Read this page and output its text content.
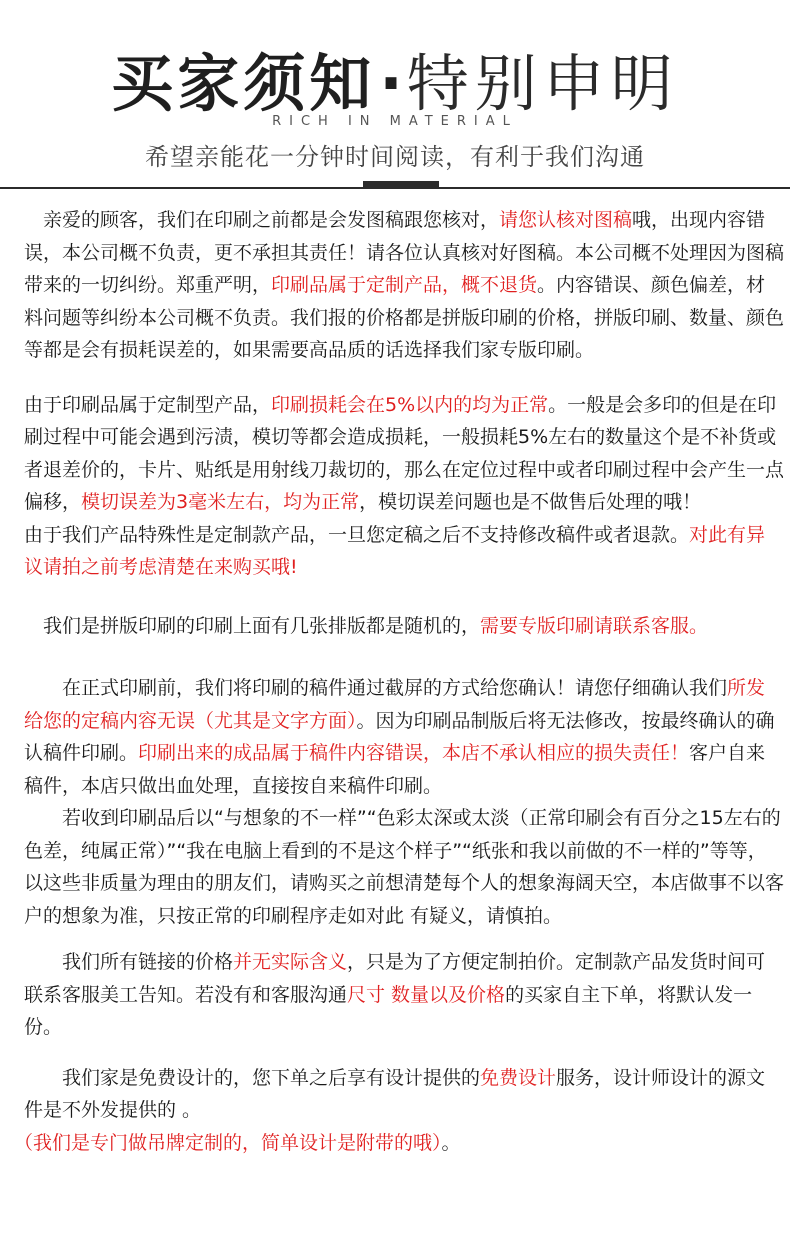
买家须知·特别申明
RICH IN MATERIAL
希望亲能花一分钟时间阅读，有利于我们沟通

　亲爱的顾客，我们在印刷之前都是会发图稿跟您核对，请您认核对图稿哦，出现内容错误，本公司概不负责，更不承担其责任！请各位认真核对好图稿。本公司概不处理因为图稿带来的一切纠纷。郑重严明，印刷品属于定制产品，概不退货。内容错误、颜色偏差，材料问题等纠纷本公司概不负责。我们报的价格都是拼版印刷的价格，拼版印刷、数量、颜色等都是会有损耗误差的，如果需要高品质的话选择我们家专版印刷。

由于印刷品属于定制型产品，印刷损耗会在5%以内的均为正常。一般是会多印的但是在印刷过程中可能会遇到污渍，模切等都会造成损耗，一般损耗5%左右的数量这个是不补货或者退差价的，卡片、贴纸是用射线刀裁切的，那么在定位过程中或者印刷过程中会产生一点偏移，模切误差为3毫米左右，均为正常，模切误差问题也是不做售后处理的哦！

由于我们产品特殊性是定制款产品，一旦您定稿之后不支持修改稿件或者退款。对此有异议请拍之前考虑清楚在来购买哦!

　我们是拼版印刷的印刷上面有几张排版都是随机的，需要专版印刷请联系客服。

　　在正式印刷前，我们将印刷的稿件通过截屏的方式给您确认！请您仔细确认我们所发给您的定稿内容无误（尤其是文字方面）。因为印刷品制版后将无法修改，按最终确认的确认稿件印刷。印刷出来的成品属于稿件内容错误，本店不承认相应的损失责任！客户自来稿件，本店只做出血处理，直接按自来稿件印刷。

　　若收到印刷品后以“与想象的不一样”“色彩太深或太淡（正常印刷会有百分之15左右的色差，纯属正常）”“我在电脑上看到的不是这个样子”“纸张和我以前做的不一样的”等等，以这些非质量为理由的朋友们，请购买之前想清楚每个人的想象海阔天空，本店做事不以客户的想象为准，只按正常的印刷程序走如对此 有疑义，请慎拍。

　　我们所有链接的价格并无实际含义，只是为了方便定制拍价。定制款产品发货时间可联系客服美工告知。若没有和客服沟通尺寸 数量以及价格的买家自主下单，将默认发一份。

　　我们家是免费设计的，您下单之后享有设计提供的免费设计服务，设计师设计的源文件是不外发提供的 。

（我们是专门做吊牌定制的，简单设计是附带的哦）。
